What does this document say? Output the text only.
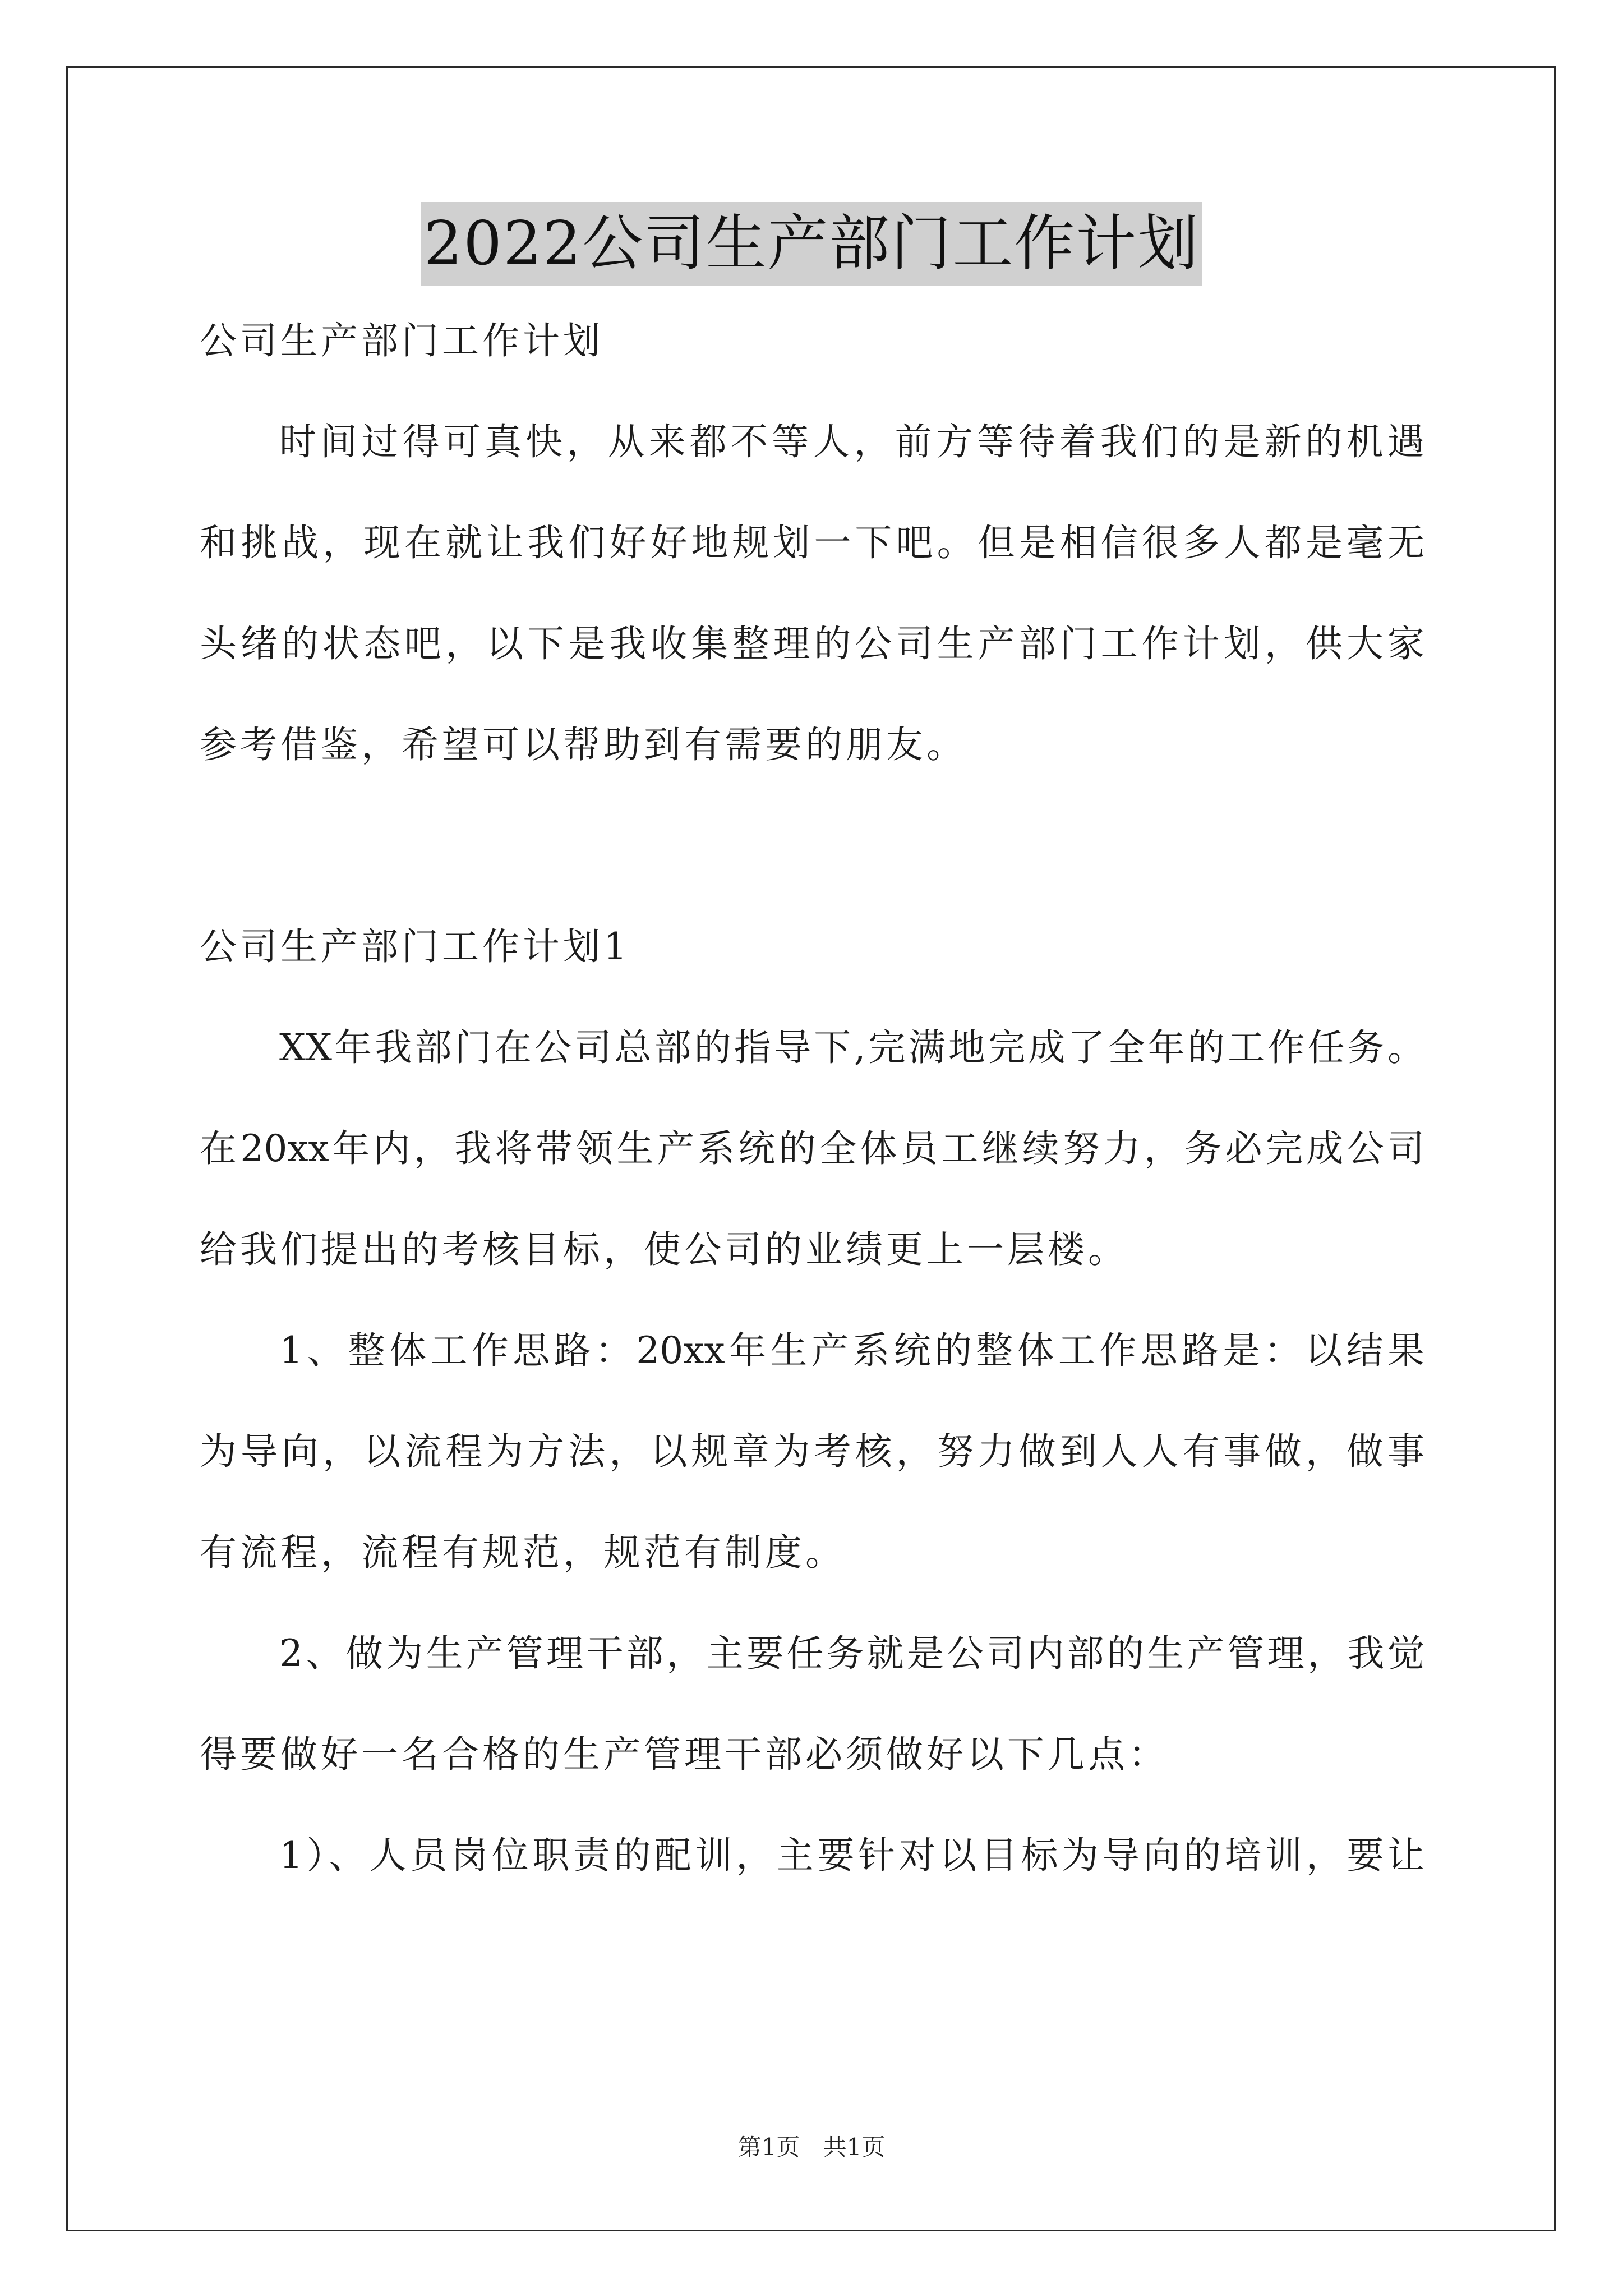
2022公司生产部门工作计划
公司生产部门工作计划
时间过得可真快，从来都不等人，前方等待着我们的是新的机遇
和挑战，现在就让我们好好地规划一下吧。但是相信很多人都是毫无
头绪的状态吧，以下是我收集整理的公司生产部门工作计划，供大家
参考借鉴，希望可以帮助到有需要的朋友。
公司生产部门工作计划1
XX年我部门在公司总部的指导下,完满地完成了全年的工作任务。
在20xx年内，我将带领生产系统的全体员工继续努力，务必完成公司
给我们提出的考核目标，使公司的业绩更上一层楼。
1、整体工作思路：20xx年生产系统的整体工作思路是：以结果
为导向，以流程为方法，以规章为考核，努力做到人人有事做，做事
有流程，流程有规范，规范有制度。
2、做为生产管理干部，主要任务就是公司内部的生产管理，我觉
得要做好一名合格的生产管理干部必须做好以下几点：
1）、人员岗位职责的配训，主要针对以目标为导向的培训，要让
第1页 共1页
